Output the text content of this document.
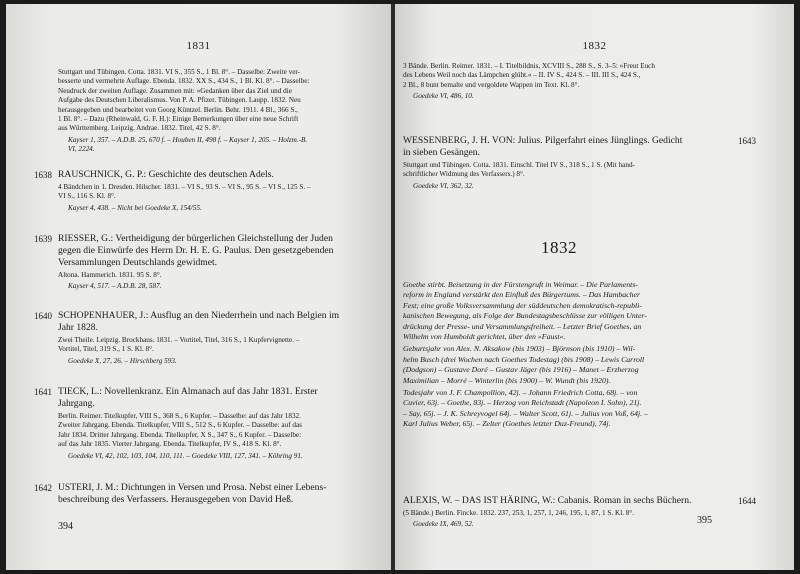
1831
Stuttgart und Tübingen. Cotta. 1831. VI S., 355 S., 1 Bl. 8°. – Dasselbe: Zweite ver-
besserte und vermehrte Auflage. Ebenda. 1832. XX S., 434 S., 1 Bl. Kl. 8°. – Dasselbe:
Neudruck der zweiten Auflage. Zusammen mit: »Gedanken über das Ziel und die
Aufgabe des Deutschen Liberalismus. Von P. A. Pfizer. Tübingen. Laupp. 1832. Neu
herausgegeben und bearbeitet von Georg Küntzel. Berlin. Behr. 1911. 4 Bl., 366 S.,
1 Bl. 8°. – Dazu (Rheinwald, G. F. H.): Einige Bemerkungen über eine neue Schrift
aus Württemberg. Leipzig. Andrae. 1832. Titel, 42 S. 8°.
Kayser 1, 357. – A.D.B. 25, 670 f. – Houben II, 498 f. – Kayser 1, 205. – Holzm.-B.
VI, 2224.
1638 RAUSCHNICK, G. P.: Geschichte des deutschen Adels.
4 Bändchen in 1. Dresden. Hilscher. 1831. – VI S., 93 S. – VI S., 95 S. – VI S., 125 S. –
VI S., 116 S. Kl. 8°.
Kayser 4, 438. – Nicht bei Goedeke X, 154/55.
1639 RIESSER, G.: Vertheidigung der bürgerlichen Gleichstellung der Juden
gegen die Einwürfe des Herrn Dr. H. E. G. Paulus. Den gesetzgebenden
Versammlungen Deutschlands gewidmet.
Altona. Hammerich. 1831. 95 S. 8°.
Kayser 4, 517. – A.D.B. 28, 587.
1640 SCHOPENHAUER, J.: Ausflug an den Niederrhein und nach Belgien im
Jahr 1828.
Zwei Theile. Leipzig. Brockhaus. 1831. – Vortitel, Titel, 316 S., 1 Kupfervignette. –
Vortitel, Titel, 319 S., 1 S. Kl. 8°.
Goedeke X, 27, 26. – Hirschberg 593.
1641 TIECK, L.: Novellenkranz. Ein Almanach auf das Jahr 1831. Erster
Jahrgang.
Berlin. Reimer. Titelkupfer, VIII S., 368 S., 6 Kupfer. – Dasselbe: auf das Jahr 1832.
Zweiter Jahrgang. Ebenda. Titelkupfer, VIII S., 512 S., 6 Kupfer. – Dasselbe: auf das
Jahr 1834. Dritter Jahrgang. Ebenda. Titelkupfer, X S., 347 S., 6 Kupfer. – Dasselbe:
auf das Jahr 1835. Vierter Jahrgang. Ebenda. Titelkupfer, IV S., 418 S. Kl. 8°.
Goedeke VI, 42, 102, 103, 104, 110, 111. – Goedeke VIII, 127, 341. – Köhring 91.
1642 USTERI, J. M.: Dichtungen in Versen und Prosa. Nebst einer Lebens-
beschreibung des Verfassers. Herausgegeben von David Heß.
394
1832
3 Bände. Berlin. Reimer. 1831. – I. Titelbildnis, XCVIII S., 288 S., S. 3–5: »Freut Euch
des Lebens Weil noch das Lämpchen glüht.« – II. IV S., 424 S. – III. III S., 424 S.,
2 Bl., 8 bunt bemalte und vergoldete Wappen im Text. Kl. 8°.
Goedeke VI, 486, 10.
1643
WESSENBERG, J. H. VON: Julius. Pilgerfahrt eines Jünglings. Gedicht
in sieben Gesängen.
Stuttgart und Tübingen. Cotta. 1831. Einschl. Titel IV S., 318 S., 1 S. (Mit hand-
schriftlicher Widmung des Verfassers.) 8°.
Goedeke VI, 362, 32.
1644
ALEXIS, W. – DAS IST HÄRING, W.: Cabanis. Roman in sechs Büchern.
(5 Bände.) Berlin. Fincke. 1832. 237, 253, 1, 257, 1, 246, 195, 1, 87, 1 S. Kl. 8°.
Goedeke IX, 469, 52.
1832

Goethe stirbt. Beisetzung in der Fürstengruft in Weimar. – Die Parlaments-
reform in England verstärkt den Einfluß des Bürgertums. – Das Hambacher
Fest; eine große Volksversammlung der süddeutschen demokratisch-republi-
kanischen Bewegung, als Folge der Bundestagsbeschlüsse zur völligen Unter-
drückung der Presse- und Versammlungsfreiheit. – Letzter Brief Goethes, an
Wilhelm von Humboldt gerichtet, über den »Faust«.

Geburtsjahr von Alex. N. Aksakow (bis 1903) – Björnson (bis 1910) – Wil-
helm Busch (drei Wochen nach Goethes Todestag) (bis 1908) – Lewis Carroll
(Dodgson) – Gustave Doré – Gustav Jäger (bis 1916) – Manet – Erzherzog
Maximilian – Morré – Winterlin (bis 1900) – W. Wundt (bis 1920).

Todesjahr von J. F. Champollion, 42j. – Johann Friedrich Cotta, 68j. – von
Cuvier, 63j. – Goethe, 83j. – Herzog von Reichstadt (Napoleon I. Sohn), 21j.
– Say, 65j. – J. K. Schreyvogel 64j. – Walter Scott, 61j. – Julius von Voß, 64j. –
Karl Julius Weber, 65j. – Zelter (Goethes letzter Duz-Freund), 74j.

395
